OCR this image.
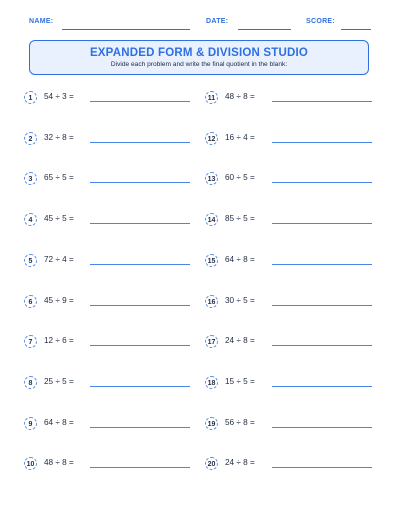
NAME:	DATE:	SCORE:
EXPANDED FORM & DIVISION STUDIO
Divide each problem and write the final quotient in the blank:
1	54 ÷ 3 =
2	32 ÷ 8 =
3	65 ÷ 5 =
4	45 ÷ 5 =
5	72 ÷ 4 =
6	45 ÷ 9 =
7	12 ÷ 6 =
8	25 ÷ 5 =
9	64 ÷ 8 =
10	48 ÷ 8 =
11	48 ÷ 8 =
12	16 ÷ 4 =
13	60 ÷ 5 =
14	85 ÷ 5 =
15	64 ÷ 8 =
16	30 ÷ 5 =
17	24 ÷ 8 =
18	15 ÷ 5 =
19	56 ÷ 8 =
20	24 ÷ 8 =
